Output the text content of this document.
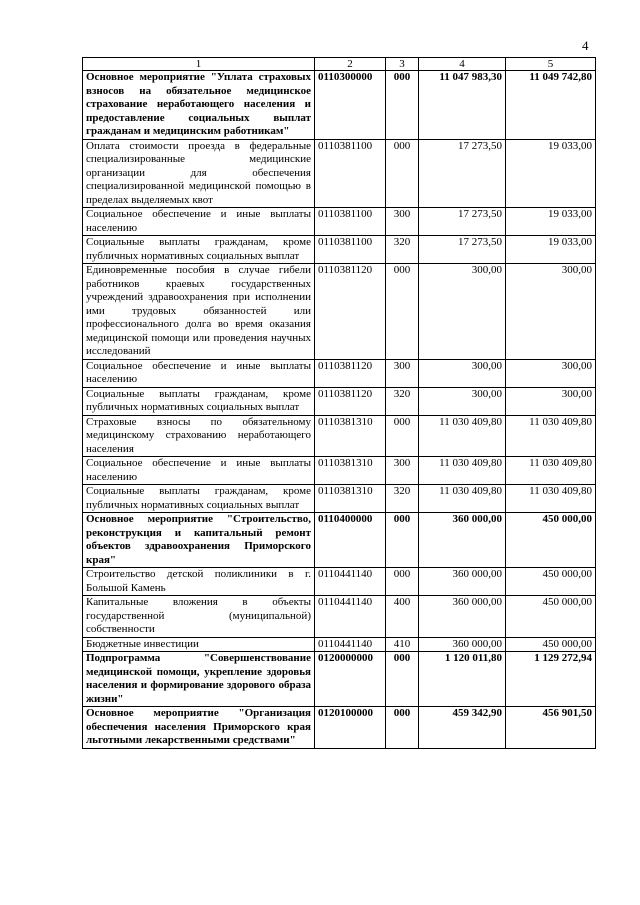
4
1	2	3	4	5
Основное мероприятие "Уплата страховых взносов на обязательное медицинское страхование неработающего населения и предоставление социальных выплат гражданам и медицинским работникам"	0110300000	000	11 047 983,30	11 049 742,80
Оплата стоимости проезда в федеральные специализированные медицинские организации для обеспечения специализированной медицинской помощью в пределах выделяемых квот	0110381100	000	17 273,50	19 033,00
Социальное обеспечение и иные выплаты населению	0110381100	300	17 273,50	19 033,00
Социальные выплаты гражданам, кроме публичных нормативных социальных выплат	0110381100	320	17 273,50	19 033,00
Единовременные пособия в случае гибели работников краевых государственных учреждений здравоохранения при исполнении ими трудовых обязанностей или профессионального долга во время оказания медицинской помощи или проведения научных исследований	0110381120	000	300,00	300,00
Социальное обеспечение и иные выплаты населению	0110381120	300	300,00	300,00
Социальные выплаты гражданам, кроме публичных нормативных социальных выплат	0110381120	320	300,00	300,00
Страховые взносы по обязательному медицинскому страхованию неработающего населения	0110381310	000	11 030 409,80	11 030 409,80
Социальное обеспечение и иные выплаты населению	0110381310	300	11 030 409,80	11 030 409,80
Социальные выплаты гражданам, кроме публичных нормативных социальных выплат	0110381310	320	11 030 409,80	11 030 409,80
Основное мероприятие "Строительство, реконструкция и капитальный ремонт объектов здравоохранения Приморского края"	0110400000	000	360 000,00	450 000,00
Строительство детской поликлиники в г. Большой Камень	0110441140	000	360 000,00	450 000,00
Капитальные вложения в объекты государственной (муниципальной) собственности	0110441140	400	360 000,00	450 000,00
Бюджетные инвестиции	0110441140	410	360 000,00	450 000,00
Подпрограмма "Совершенствование медицинской помощи, укрепление здоровья населения и формирование здорового образа жизни"	0120000000	000	1 120 011,80	1 129 272,94
Основное мероприятие "Организация обеспечения населения Приморского края льготными лекарственными средствами"	0120100000	000	459 342,90	456 901,50
